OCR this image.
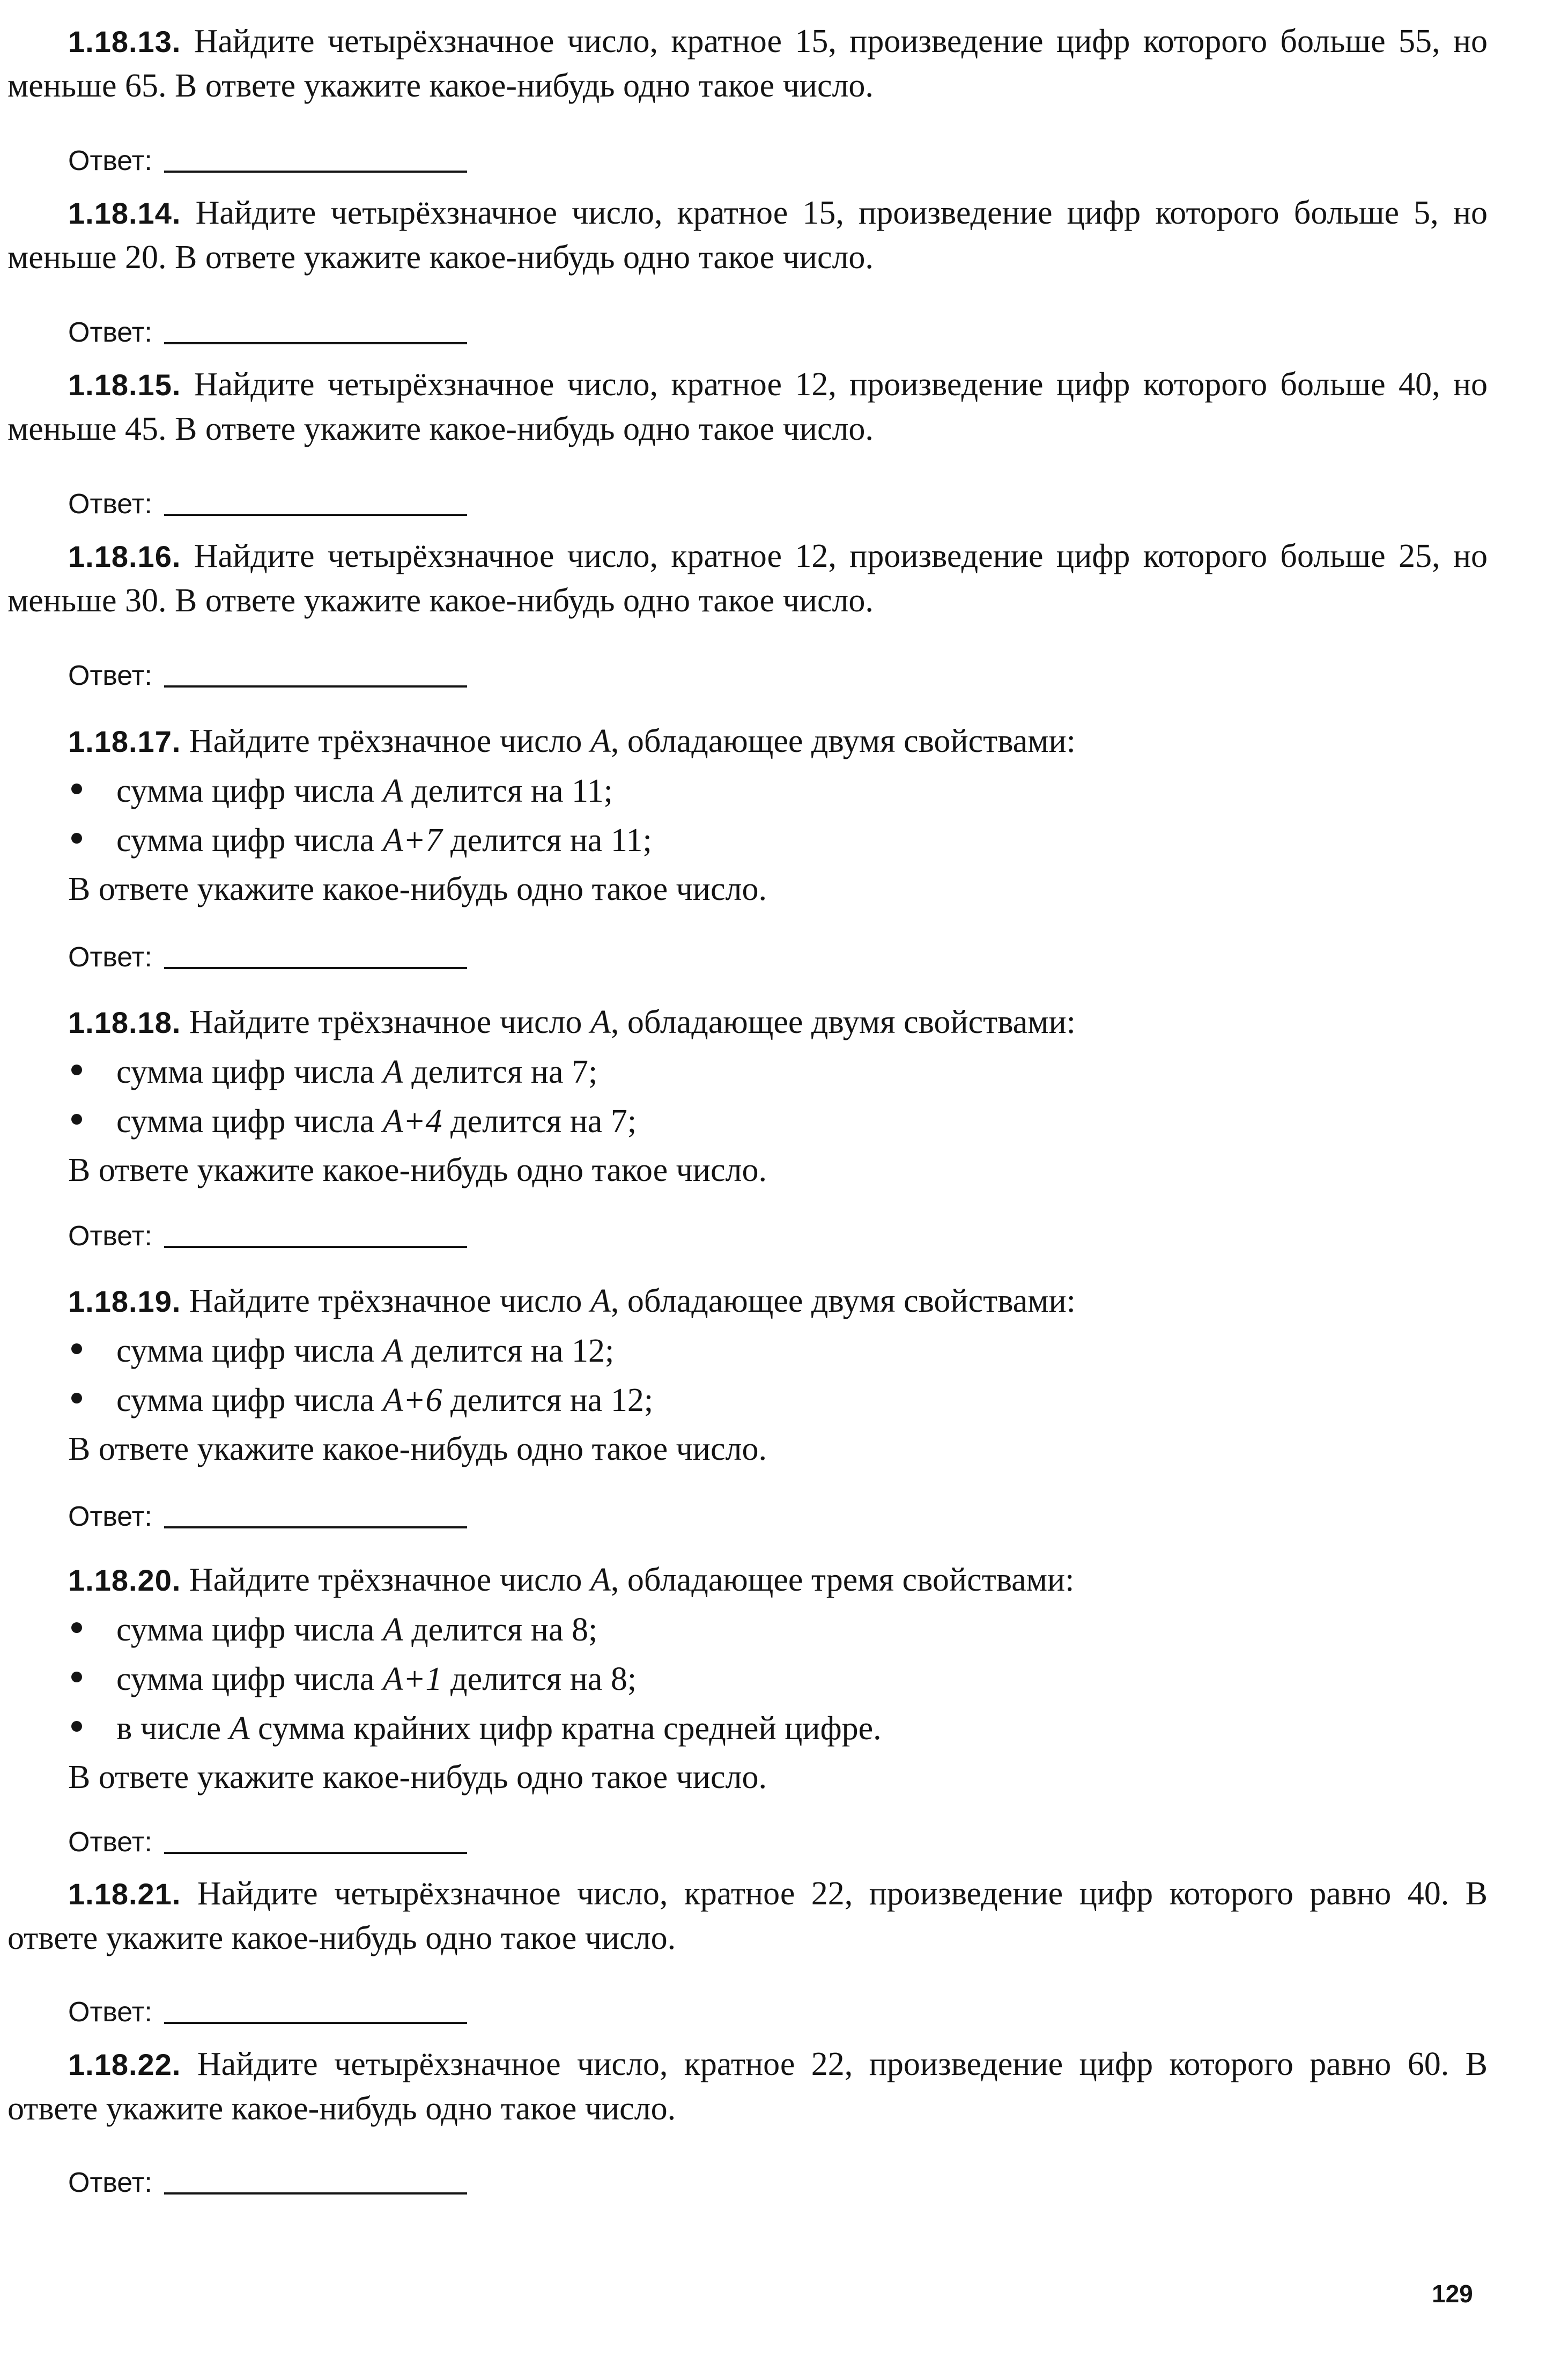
1.18.13. Найдите четырёхзначное число, кратное 15, произведение цифр которого больше 55, но меньше 65. В ответе укажите какое-нибудь одно такое число.

Ответ:

1.18.14. Найдите четырёхзначное число, кратное 15, произведение цифр которого больше 5, но меньше 20. В ответе укажите какое-нибудь одно такое число.

Ответ:

1.18.15. Найдите четырёхзначное число, кратное 12, произведение цифр которого больше 40, но меньше 45. В ответе укажите какое-нибудь одно такое число.

Ответ:

1.18.16. Найдите четырёхзначное число, кратное 12, произведение цифр которого больше 25, но меньше 30. В ответе укажите какое-нибудь одно такое число.

Ответ:

1.18.17. Найдите трёхзначное число A, обладающее двумя свойствами:

сумма цифр числа A делится на 11;
сумма цифр числа A+7 делится на 11;

В ответе укажите какое-нибудь одно такое число.

Ответ:

1.18.18. Найдите трёхзначное число A, обладающее двумя свойствами:

сумма цифр числа A делится на 7;
сумма цифр числа A+4 делится на 7;

В ответе укажите какое-нибудь одно такое число.

Ответ:

1.18.19. Найдите трёхзначное число A, обладающее двумя свойствами:

сумма цифр числа A делится на 12;
сумма цифр числа A+6 делится на 12;

В ответе укажите какое-нибудь одно такое число.

Ответ:

1.18.20. Найдите трёхзначное число A, обладающее тремя свойствами:

сумма цифр числа A делится на 8;
сумма цифр числа A+1 делится на 8;
в числе A сумма крайних цифр кратна средней цифре.

В ответе укажите какое-нибудь одно такое число.

Ответ:

1.18.21. Найдите четырёхзначное число, кратное 22, произведение цифр которого равно 40. В ответе укажите какое-нибудь одно такое число.

Ответ:

1.18.22. Найдите четырёхзначное число, кратное 22, произведение цифр которого равно 60. В ответе укажите какое-нибудь одно такое число.

Ответ:
129
